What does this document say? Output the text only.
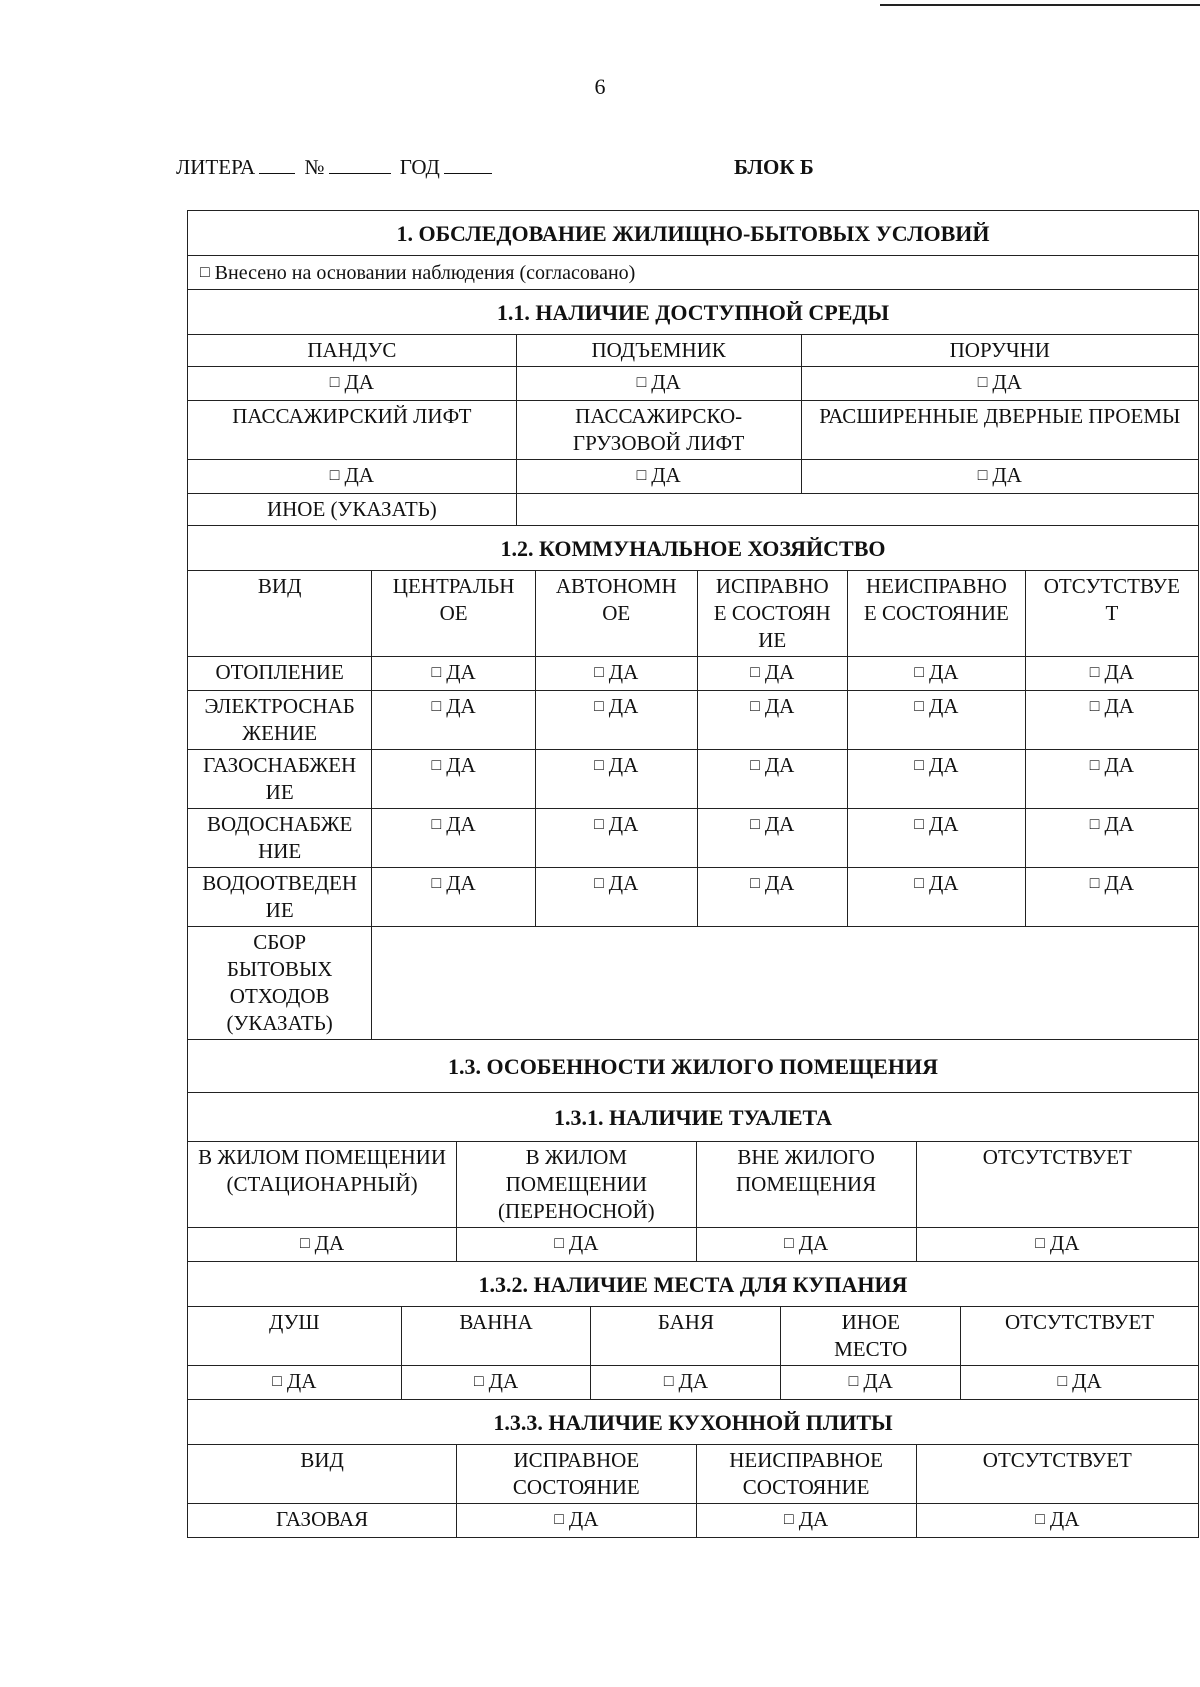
6
ЛИТЕРА №	ГОД	БЛОК Б
1. ОБСЛЕДОВАНИЕ ЖИЛИЩНО-БЫТОВЫХ УСЛОВИЙ
□ Внесено на основании наблюдения (согласовано)
1.1. НАЛИЧИЕ ДОСТУПНОЙ СРЕДЫ
ПАНДУС	ПОДЪЕМНИК	ПОРУЧНИ
□ ДА	□ ДА	□ ДА
ПАССАЖИРСКИЙ ЛИФТ	ПАССАЖИРСКО-ГРУЗОВОЙ ЛИФТ	РАСШИРЕННЫЕ ДВЕРНЫЕ ПРОЕМЫ
□ ДА	□ ДА	□ ДА
ИНОЕ (УКАЗАТЬ)		
1.2. КОММУНАЛЬНОЕ ХОЗЯЙСТВО
ВИД	ЦЕНТРАЛЬНОЕ	АВТОНОМНОЕ	ИСПРАВНОЕ СОСТОЯНИЕ	НЕИСПРАВНОЕ СОСТОЯНИЕ	ОТСУТСТВУЕТ
ОТОПЛЕНИЕ	□ ДА	□ ДА	□ ДА	□ ДА	□ ДА
ЭЛЕКТРОСНАБЖЕНИЕ	□ ДА	□ ДА	□ ДА	□ ДА	□ ДА
ГАЗОСНАБЖЕНИЕ	□ ДА	□ ДА	□ ДА	□ ДА	□ ДА
ВОДОСНАБЖЕНИЕ	□ ДА	□ ДА	□ ДА	□ ДА	□ ДА
ВОДООТВЕДЕНИЕ	□ ДА	□ ДА	□ ДА	□ ДА	□ ДА
СБОР БЫТОВЫХ ОТХОДОВ (УКАЗАТЬ)					
1.3. ОСОБЕННОСТИ ЖИЛОГО ПОМЕЩЕНИЯ
1.3.1. НАЛИЧИЕ ТУАЛЕТА
В ЖИЛОМ ПОМЕЩЕНИИ (СТАЦИОНАРНЫЙ)	В ЖИЛОМ ПОМЕЩЕНИИ (ПЕРЕНОСНОЙ)	ВНЕ ЖИЛОГО ПОМЕЩЕНИЯ	ОТСУТСТВУЕТ
□ ДА	□ ДА	□ ДА	□ ДА
1.3.2. НАЛИЧИЕ МЕСТА ДЛЯ КУПАНИЯ
ДУШ	ВАННА	БАНЯ	ИНОЕ МЕСТО	ОТСУТСТВУЕТ
□ ДА	□ ДА	□ ДА	□ ДА	□ ДА
1.3.3. НАЛИЧИЕ КУХОННОЙ ПЛИТЫ
ВИД	ИСПРАВНОЕ СОСТОЯНИЕ	НЕИСПРАВНОЕ СОСТОЯНИЕ	ОТСУТСТВУЕТ
ГАЗОВАЯ	□ ДА	□ ДА	□ ДА
